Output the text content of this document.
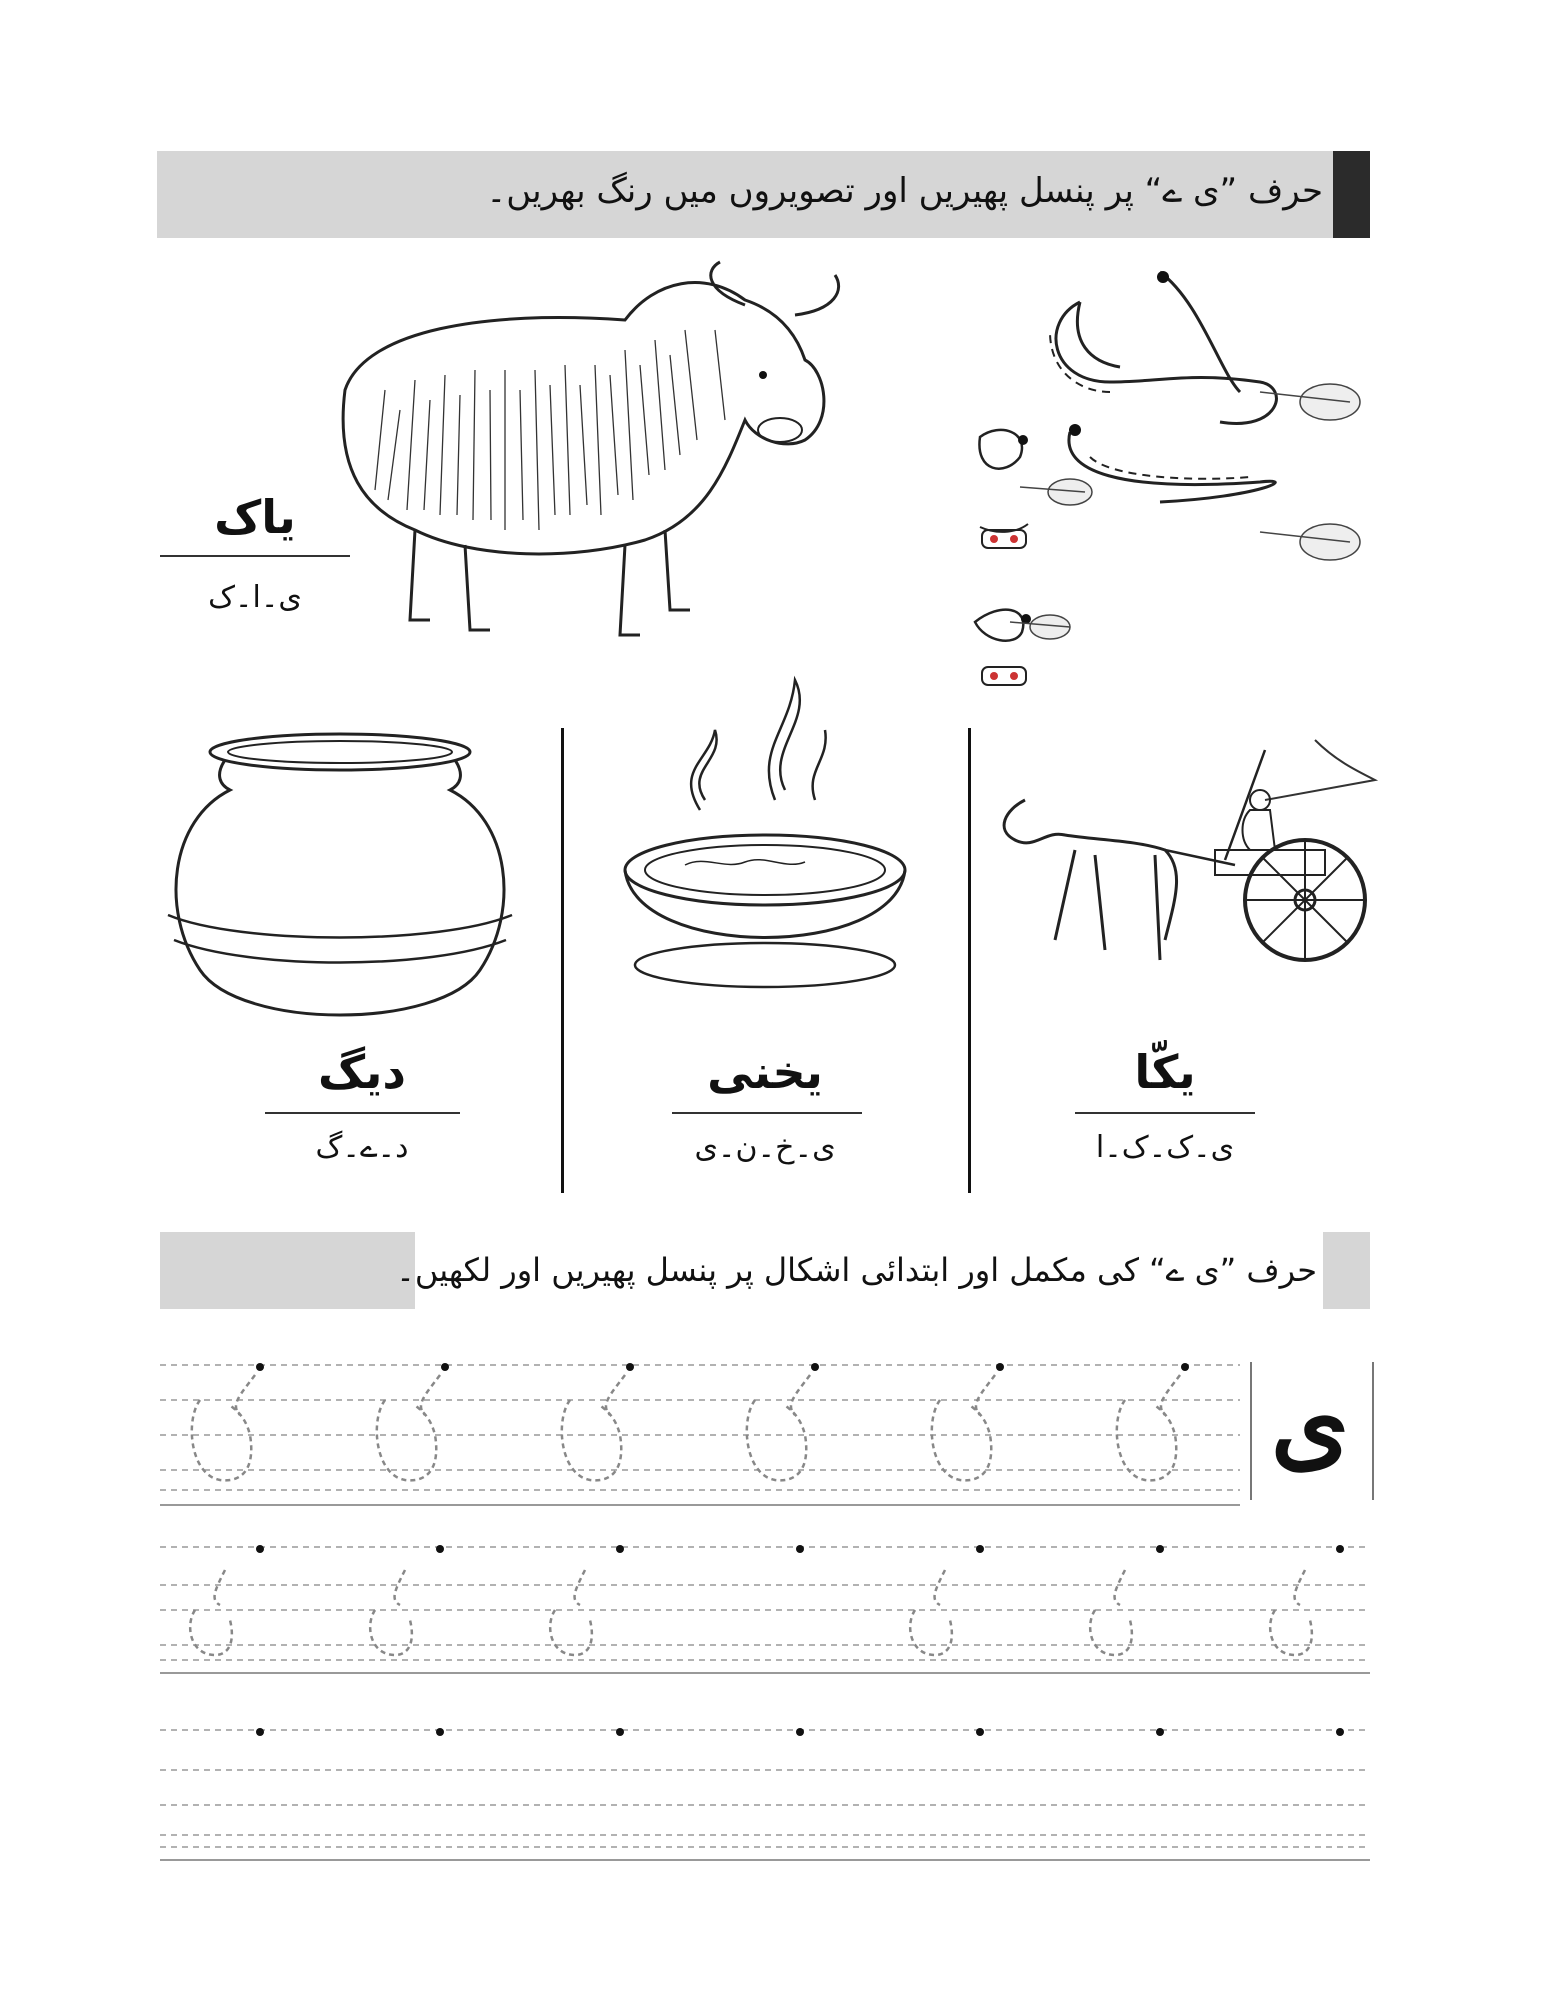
حرف ”ی ے“ پر پنسل پھیریں اور تصویروں میں رنگ بھریں۔
یاک
ی۔ا۔ک
یکّا
ی۔ک۔ک۔ا
یخنی
ی۔خ۔ن۔ی
دیگ
د۔ے۔گ
حرف ”ی ے“ کی مکمل اور ابتدائی اشکال پر پنسل پھیریں اور لکھیں۔
ی
